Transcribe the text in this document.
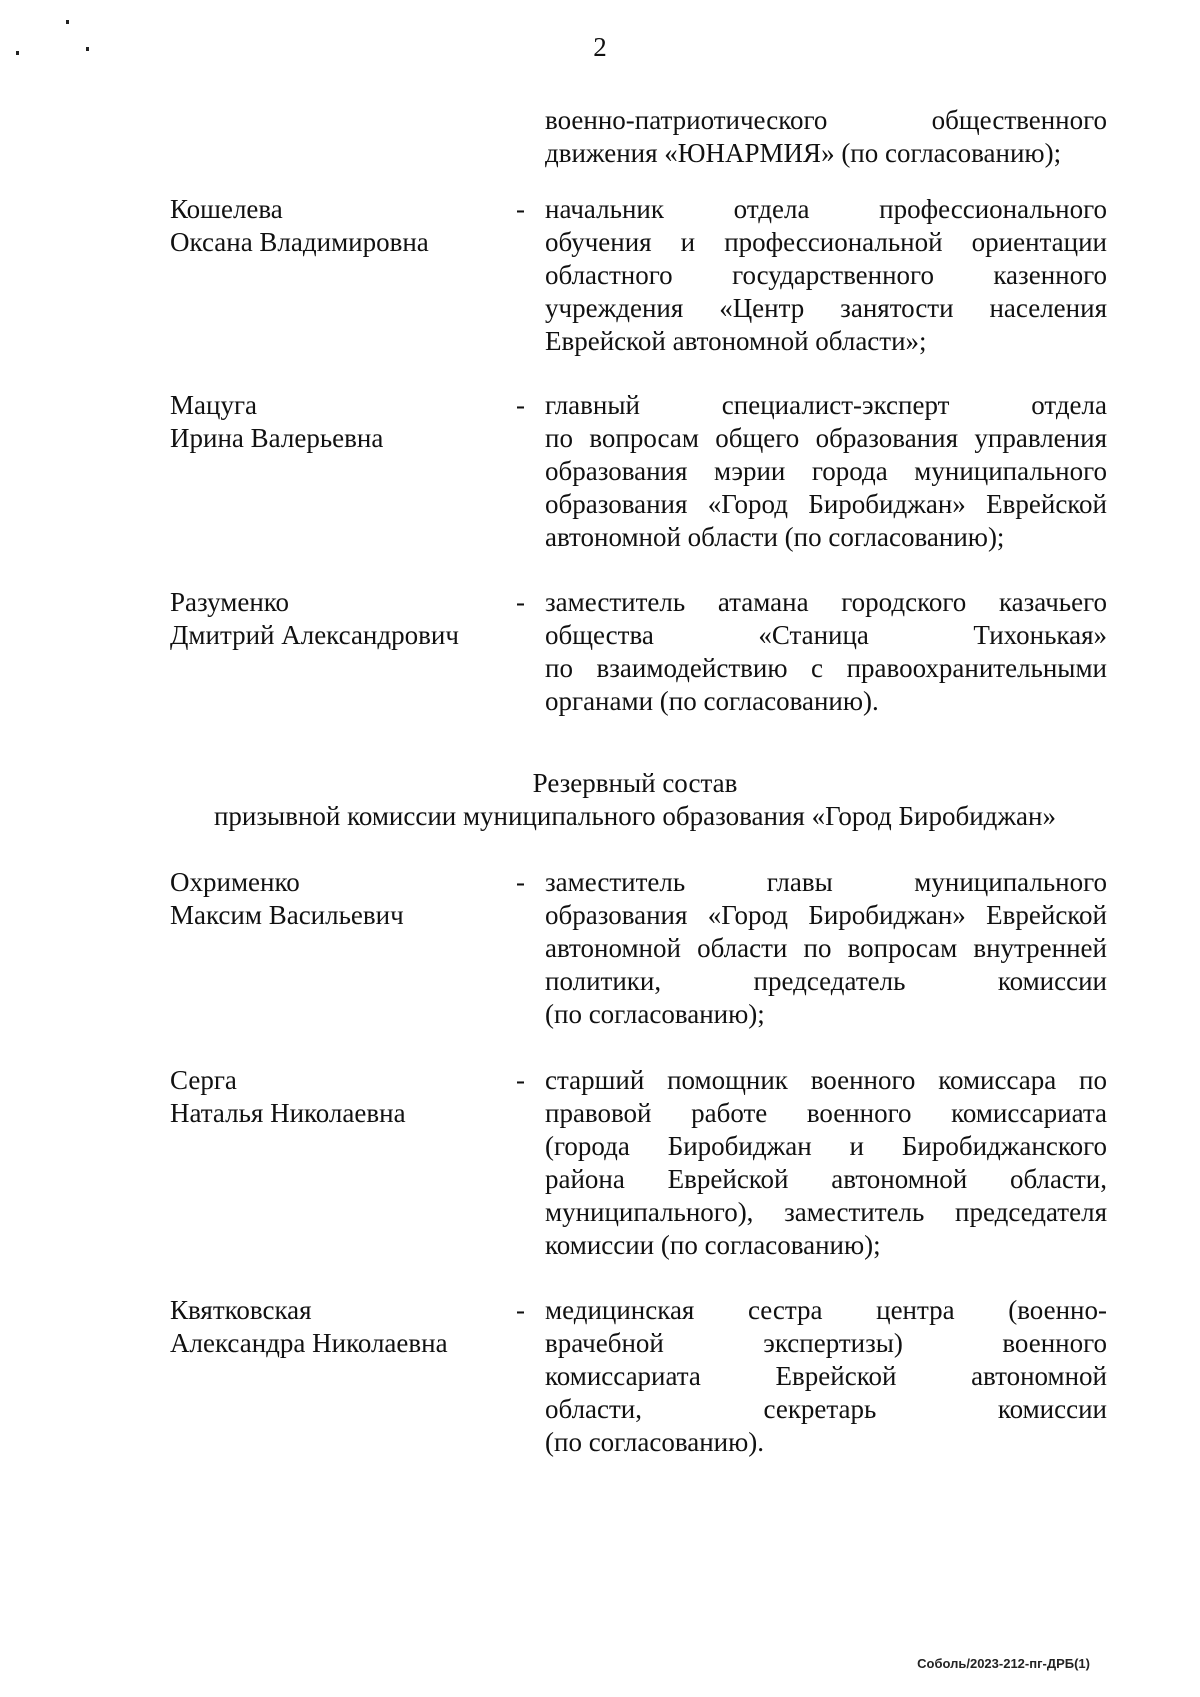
2
военно-патриотического общественного
движения «ЮНАРМИЯ» (по согласованию);
Кошелева
Оксана Владимировна
- начальник отдела профессионального
обучения и профессиональной ориентации
областного государственного казенного
учреждения «Центр занятости населения
Еврейской автономной области»;
Мацуга
Ирина Валерьевна
- главный специалист-эксперт отдела
по вопросам общего образования управления
образования мэрии города муниципального
образования «Город Биробиджан» Еврейской
автономной области (по согласованию);
Разуменко
Дмитрий Александрович
- заместитель атамана городского казачьего
общества «Станица Тихонькая»
по взаимодействию с правоохранительными
органами (по согласованию).
Резервный состав
призывной комиссии муниципального образования «Город Биробиджан»
Охрименко
Максим Васильевич
- заместитель главы муниципального
образования «Город Биробиджан» Еврейской
автономной области по вопросам внутренней
политики, председатель комиссии
(по согласованию);
Серга
Наталья Николаевна
- старший помощник военного комиссара по
правовой работе военного комиссариата
(города Биробиджан и Биробиджанского
района Еврейской автономной области,
муниципального), заместитель председателя
комиссии (по согласованию);
Квятковская
Александра Николаевна
- медицинская сестра центра (военно-
врачебной экспертизы) военного
комиссариата Еврейской автономной
области, секретарь комиссии
(по согласованию).
Соболь/2023-212-пг-ДРБ(1)
